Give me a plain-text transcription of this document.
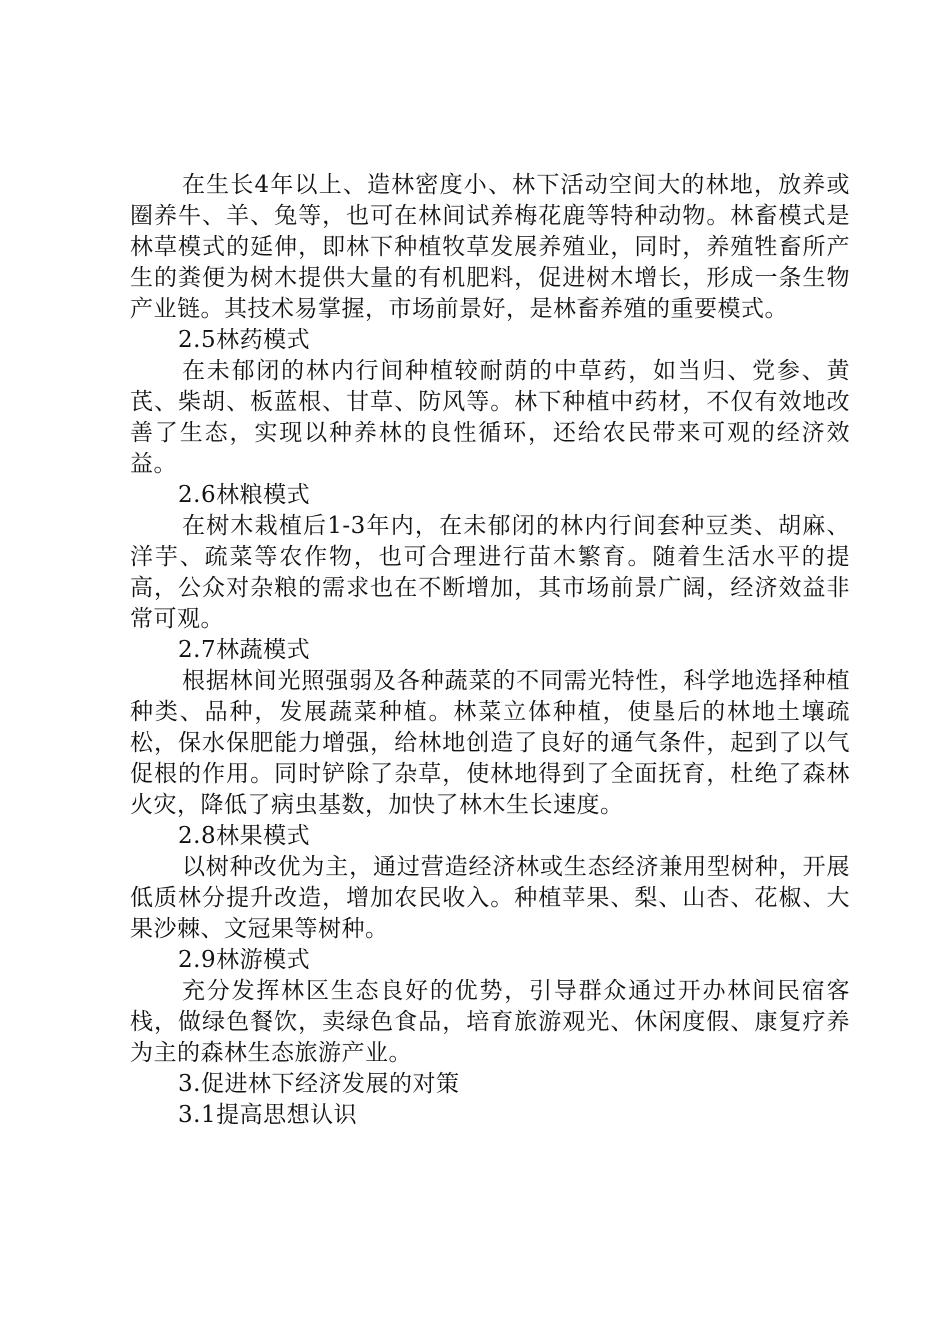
在生长4年以上、造林密度小、林下活动空间大的林地，放养或圈养牛、羊、兔等，也可在林间试养梅花鹿等特种动物。林畜模式是林草模式的延伸，即林下种植牧草发展养殖业，同时，养殖牲畜所产生的粪便为树木提供大量的有机肥料，促进树木增长，形成一条生物产业链。其技术易掌握，市场前景好，是林畜养殖的重要模式。

2.5林药模式

在未郁闭的林内行间种植较耐荫的中草药，如当归、党参、黄芪、柴胡、板蓝根、甘草、防风等。林下种植中药材，不仅有效地改善了生态，实现以种养林的良性循环，还给农民带来可观的经济效益。

2.6林粮模式

在树木栽植后1-3年内，在未郁闭的林内行间套种豆类、胡麻、洋芋、疏菜等农作物，也可合理进行苗木繁育。随着生活水平的提高，公众对杂粮的需求也在不断增加，其市场前景广阔，经济效益非常可观。

2.7林蔬模式

根据林间光照强弱及各种蔬菜的不同需光特性，科学地选择种植种类、品种，发展蔬菜种植。林菜立体种植，使垦后的林地土壤疏松，保水保肥能力增强，给林地创造了良好的通气条件，起到了以气促根的作用。同时铲除了杂草，使林地得到了全面抚育，杜绝了森林火灾，降低了病虫基数，加快了林木生长速度。

2.8林果模式

以树种改优为主，通过营造经济林或生态经济兼用型树种，开展低质林分提升改造，增加农民收入。种植苹果、梨、山杏、花椒、大果沙棘、文冠果等树种。

2.9林游模式

充分发挥林区生态良好的优势，引导群众通过开办林间民宿客栈，做绿色餐饮，卖绿色食品，培育旅游观光、休闲度假、康复疗养为主的森林生态旅游产业。

3.促进林下经济发展的对策

3.1提高思想认识
